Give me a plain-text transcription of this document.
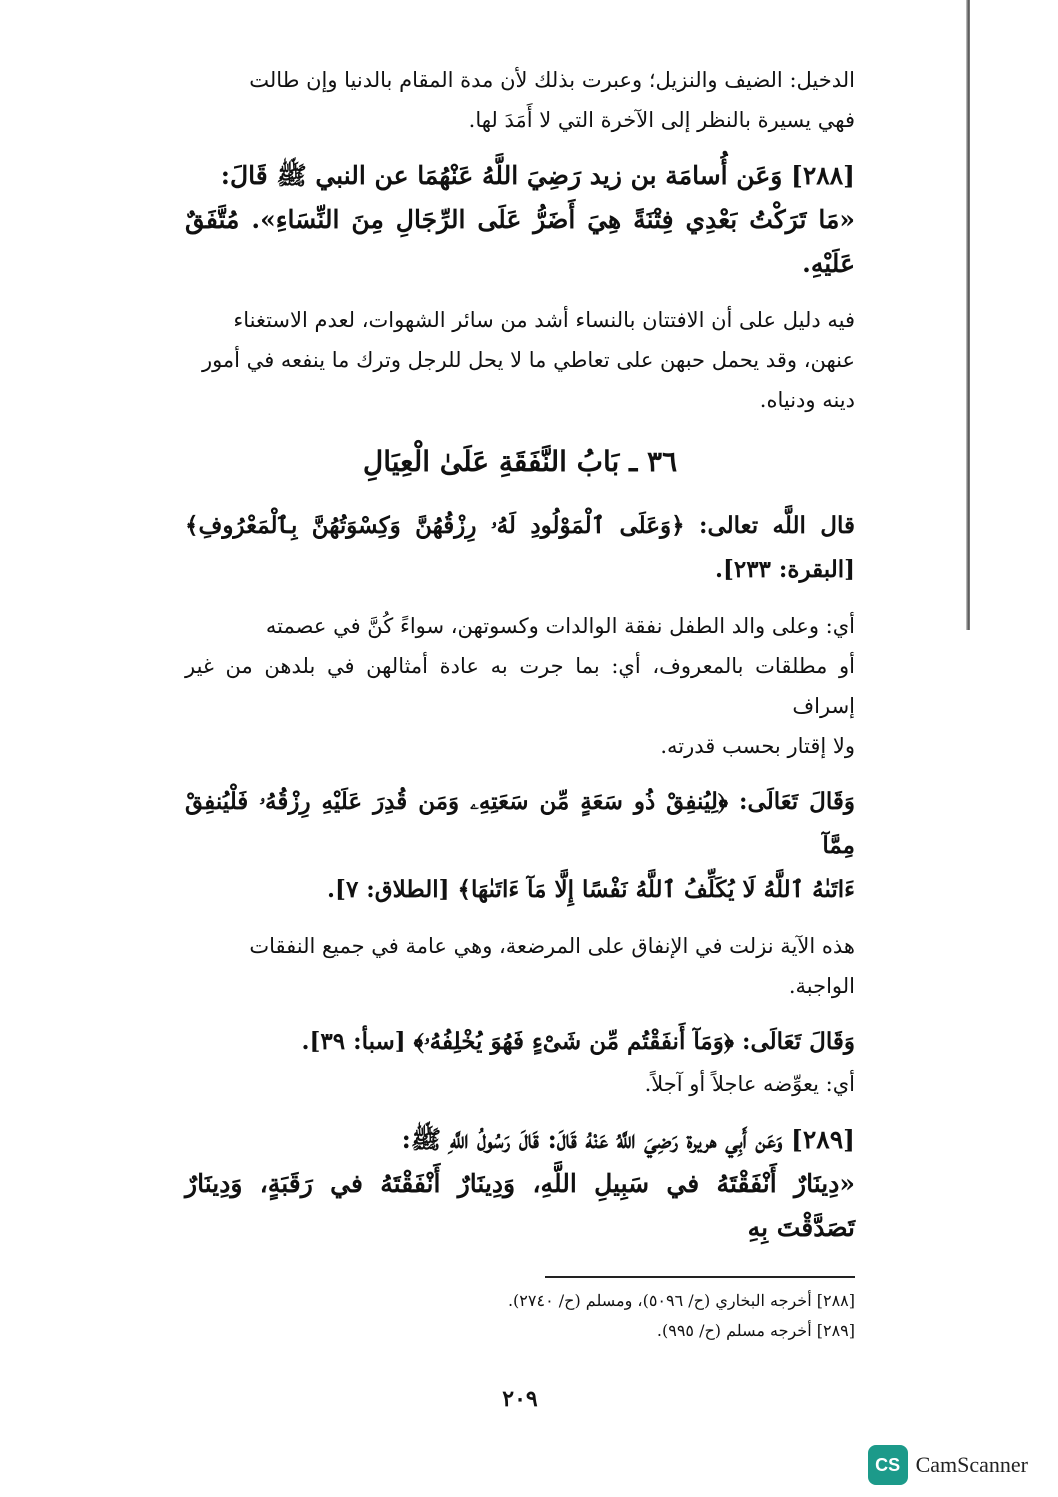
الدخيل: الضيف والنزيل؛ وعبرت بذلك لأن مدة المقام بالدنيا وإن طالت

فهي يسيرة بالنظر إلى الآخرة التي لا أَمَدَ لها.

[٢٨٨] وَعَن أُسامَة بن زيد رَضِيَ اللَّهُ عَنْهُمَا عن النبي ﷺ قَالَ:

«مَا تَرَكْتُ بَعْدِي فِتْنَةً هِيَ أَضَرُّ عَلَى الرِّجَالِ مِنَ النِّسَاءِ». مُتَّفَقٌ عَلَيْهِ.

فيه دليل على أن الافتتان بالنساء أشد من سائر الشهوات، لعدم الاستغناء

عنهن، وقد يحمل حبهن على تعاطي ما لا يحل للرجل وترك ما ينفعه في أمور

دينه ودنياه.

٣٦ ـ بَابُ النَّفَقَةِ عَلَىٰ الْعِيَالِ

قال اللَّه تعالى: ﴿وَعَلَى ٱلْمَوْلُودِ لَهُۥ رِزْقُهُنَّ وَكِسْوَتُهُنَّ بِٱلْمَعْرُوفِ﴾ [البقرة: ٢٣٣].

أي: وعلى والد الطفل نفقة الوالدات وكسوتهن، سواءً كُنَّ في عصمته

أو مطلقات بالمعروف، أي: بما جرت به عادة أمثالهن في بلدهن من غير إسراف

ولا إقتار بحسب قدرته.

وَقَالَ تَعَالَى: ﴿لِيُنفِقْ ذُو سَعَةٍ مِّن سَعَتِهِۦ وَمَن قُدِرَ عَلَيْهِ رِزْقُهُۥ فَلْيُنفِقْ مِمَّآ

ءَاتَىٰهُ ٱللَّهُ لَا يُكَلِّفُ ٱللَّهُ نَفْسًا إِلَّا مَآ ءَاتَىٰهَا﴾ [الطلاق: ٧].

هذه الآية نزلت في الإنفاق على المرضعة، وهي عامة في جميع النفقات

الواجبة.

وَقَالَ تَعَالَى: ﴿وَمَآ أَنفَقْتُم مِّن شَىْءٍ فَهُوَ يُخْلِفُهُۥ﴾ [سبأ: ٣٩].

أي: يعوِّضه عاجلاً أو آجلاً.

[٢٨٩] وَعَن أَبِي هريرة رَضِيَ اللَّهُ عَنْهُ قَالَ: قَالَ رَسُولُ اللَّهِ ﷺ:

«دِينَارٌ أَنْفَقْتَهُ في سَبِيلِ اللَّهِ، وَدِينَارٌ أَنْفَقْتَهُ في رَقَبَةٍ، وَدِينَارٌ تَصَدَّقْتَ بِهِ

[٢٨٨] أخرجه البخاري (ح/ ٥٠٩٦)، ومسلم (ح/ ٢٧٤٠).

[٢٨٩] أخرجه مسلم (ح/ ٩٩٥).

٢٠٩
CS CamScanner
